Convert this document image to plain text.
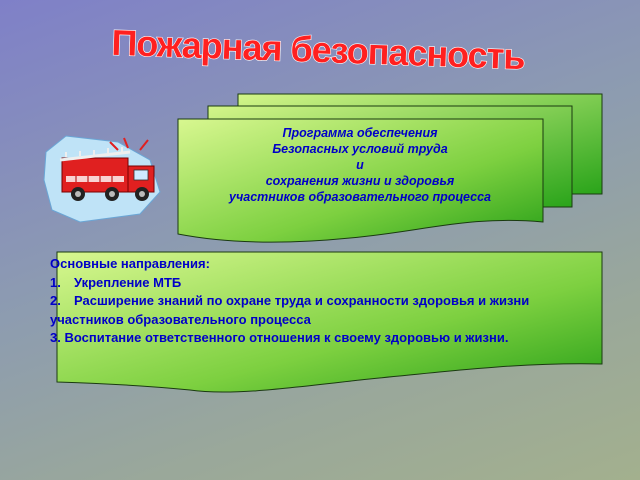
Пожарная безопасность
Программа обеспечения
Безопасных условий труда
и
сохранения жизни и здоровья
участников образовательного процесса
Основные направления:
1. Укрепление МТБ
2. Расширение знаний по охране труда и сохранности здоровья и жизни участников образовательного процесса
3. Воспитание ответственного отношения к своему здоровью и жизни.
